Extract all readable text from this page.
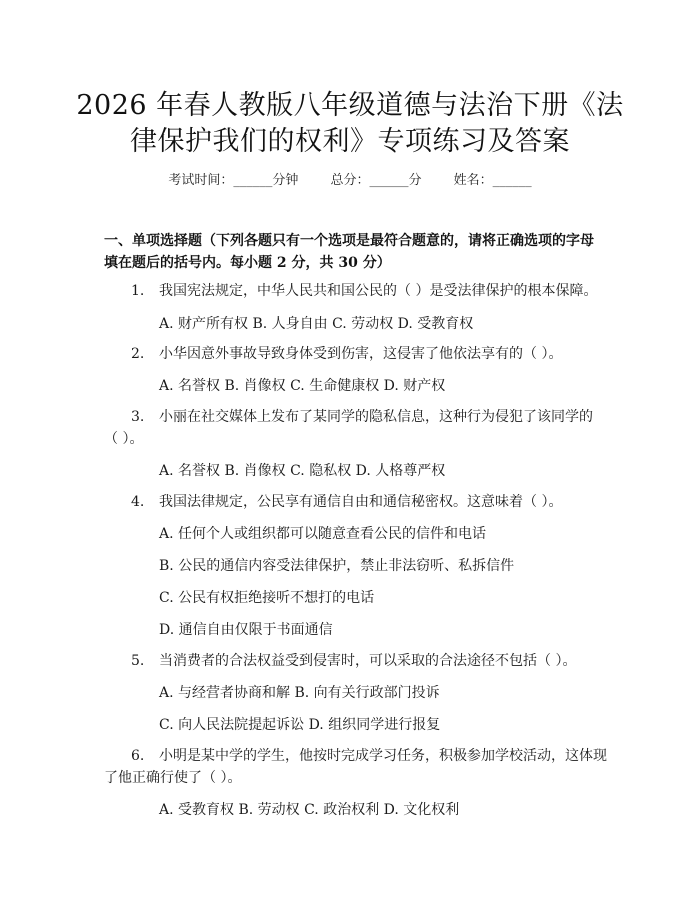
2026 年春人教版八年级道德与法治下册《法
律保护我们的权利》专项练习及答案
考试时间：______分钟 总分：______分 姓名：______
一、单项选择题（下列各题只有一个选项是最符合题意的，请将正确选项的字母
填在题后的括号内。每小题 2 分，共 30 分）
1. 我国宪法规定，中华人民共和国公民的（ ）是受法律保护的根本保障。
A. 财产所有权 B. 人身自由 C. 劳动权 D. 受教育权
2. 小华因意外事故导致身体受到伤害，这侵害了他依法享有的（ ）。
A. 名誉权 B. 肖像权 C. 生命健康权 D. 财产权
3. 小丽在社交媒体上发布了某同学的隐私信息，这种行为侵犯了该同学的
（ ）。
A. 名誉权 B. 肖像权 C. 隐私权 D. 人格尊严权
4. 我国法律规定，公民享有通信自由和通信秘密权。这意味着（ ）。
A. 任何个人或组织都可以随意查看公民的信件和电话
B. 公民的通信内容受法律保护，禁止非法窃听、私拆信件
C. 公民有权拒绝接听不想打的电话
D. 通信自由仅限于书面通信
5. 当消费者的合法权益受到侵害时，可以采取的合法途径不包括（ ）。
A. 与经营者协商和解 B. 向有关行政部门投诉
C. 向人民法院提起诉讼 D. 组织同学进行报复
6. 小明是某中学的学生，他按时完成学习任务，积极参加学校活动，这体现
了他正确行使了（ ）。
A. 受教育权 B. 劳动权 C. 政治权利 D. 文化权利
